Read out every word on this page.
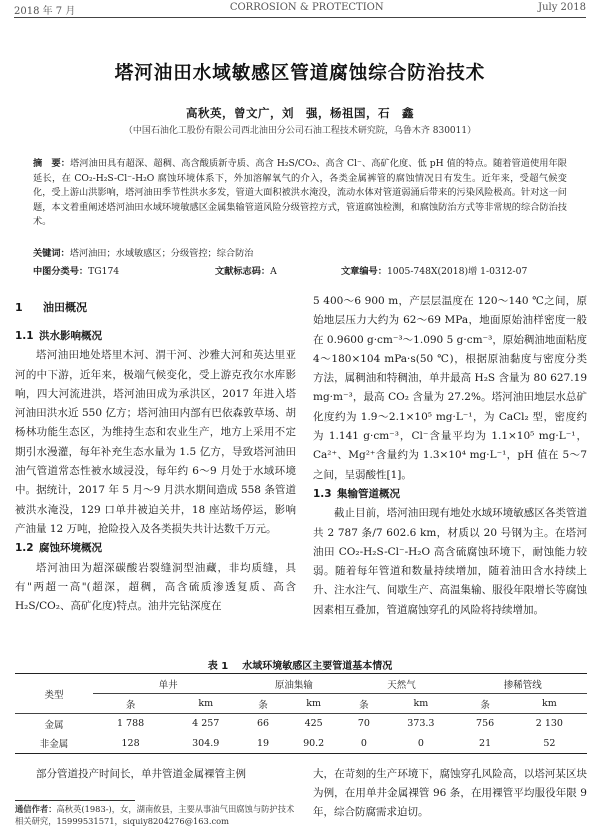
2018 年 7 月	CORROSION & PROTECTION	July 2018
塔河油田水域敏感区管道腐蚀综合防治技术
高秋英，曾文广，刘　强，杨祖国，石　鑫
（中国石油化工股份有限公司西北油田分公司石油工程技术研究院，乌鲁木齐 830011）
摘　要：塔河油田具有超深、超稠、高含酸质新寺质、高含 H₂S/CO₂、高含 Cl⁻、高矿化度、低 pH 值的特点。随着管道使用年限延长，在 CO₂-H₂S-Cl⁻-H₂O 腐蚀环境体系下，外加溶解氧气的介入，各类金属裤管的腐蚀情况日有发生。近年来，受超气候变化，受上游山洪影响，塔河油田季节性洪水多发，管道大面积被洪水淹没，流动水体对管道弱涌后带来的污染风险极高。针对这一问题，本文着重阐述塔河油田水域环境敏感区金属集输管道风险分级管控方式，管道腐蚀检测，和腐蚀防治方式等非常规的综合防治技术。
关键词：塔河油田；水域敏感区；分级管控；综合防治
中图分类号：TG174	文献标志码：A	文章编号：1005-748X(2018)增 1-0312-07
1 油田概况
1.1 洪水影响概况

塔河油田地处塔里木河、渭干河、沙雅大河和英达里亚河的中下游，近年来，极端气候变化，受上游克孜尔水库影响，四大河流进洪，塔河油田成为承洪区，2017 年进入塔河油田洪水近 550 亿方；塔河油田内部有巴依森敦草场、胡杨林功能生态区，为维持生态和农业生产，地方上采用不定期引水漫灌，每年补充生态水量为 1.5 亿方，导致塔河油田油气管道常态性被水域浸没，每年约 6～9 月处于水域环境中。据统计，2017 年 5 月～9 月洪水期间造成 558 条管道被洪水淹没，129 口单井被迫关井，18 座站场停运，影响产油量 12 万吨，抢险投入及各类损失共计达数千万元。

1.2 腐蚀环境概况

塔河油田为超深碳酸岩裂缝洞型油藏，非均质缝，具有"两超一高"(超深，超稠，高含硫质渗透复质、高含 H₂S/CO₂、高矿化度)特点。油井完钻深度在

5 400～6 900 m，产层层温度在 120～140 ℃之间，原始地层压力大约为 62～69 MPa，地面原始油样密度一般在 0.9600 g·cm⁻³～1.090 5 g·cm⁻³，原始稠油地面粘度 4～180×104 mPa·s(50 ℃)，根据原油黏度与密度分类方法，属稠油和特稠油，单井最高 H₂S 含量为 80 627.19 mg·m⁻³，最高 CO₂ 含量为 27.2%。塔河油田地层水总矿化度约为 1.9～2.1×10⁵ mg·L⁻¹，为 CaCl₂ 型，密度约为 1.141 g·cm⁻³，Cl⁻含量平均为 1.1×10⁵ mg·L⁻¹，Ca²⁺、Mg²⁺含量约为 1.3×10⁴ mg·L⁻¹，pH 值在 5～7 之间，呈弱酸性[1]。

1.3 集输管道概况

截止目前，塔河油田现有地处水域环境敏感区各类管道共 2 787 条/7 602.6 km，材质以 20 号钢为主。在塔河油田 CO₂-H₂S-Cl⁻-H₂O 高含硫腐蚀环境下，耐蚀能力较弱。随着每年管道和数量持续增加，随着油田含水持续上升、注水注气、间歇生产、高温集输、服役年限增长等腐蚀因素相互叠加，管道腐蚀穿孔的风险将持续增加。

表 1 水域环境敏感区主要管道基本情况
类型	单井		原油集输		天然气		掺稀管线	
	条	km	条	km	条	km	条	km
金属	1 788	4 257	66	425	70	373.3	756	2 130
非金属	128	304.9	19	90.2	0	0	21	52

部分管道投产时间长，单井管道金属裸管主例	大，在苛刻的生产环境下，腐蚀穿孔风险高，以塔河某区块为例，在用单井金属裸管 96 条，在用裸管平均服役年限 9 年，综合防腐需求迫切。

通信作者：高秋英(1983-)，女，湖南攸县，主要从事油气田腐蚀与防护技术相关研究，15999531571，siquiy8204276@163.com
